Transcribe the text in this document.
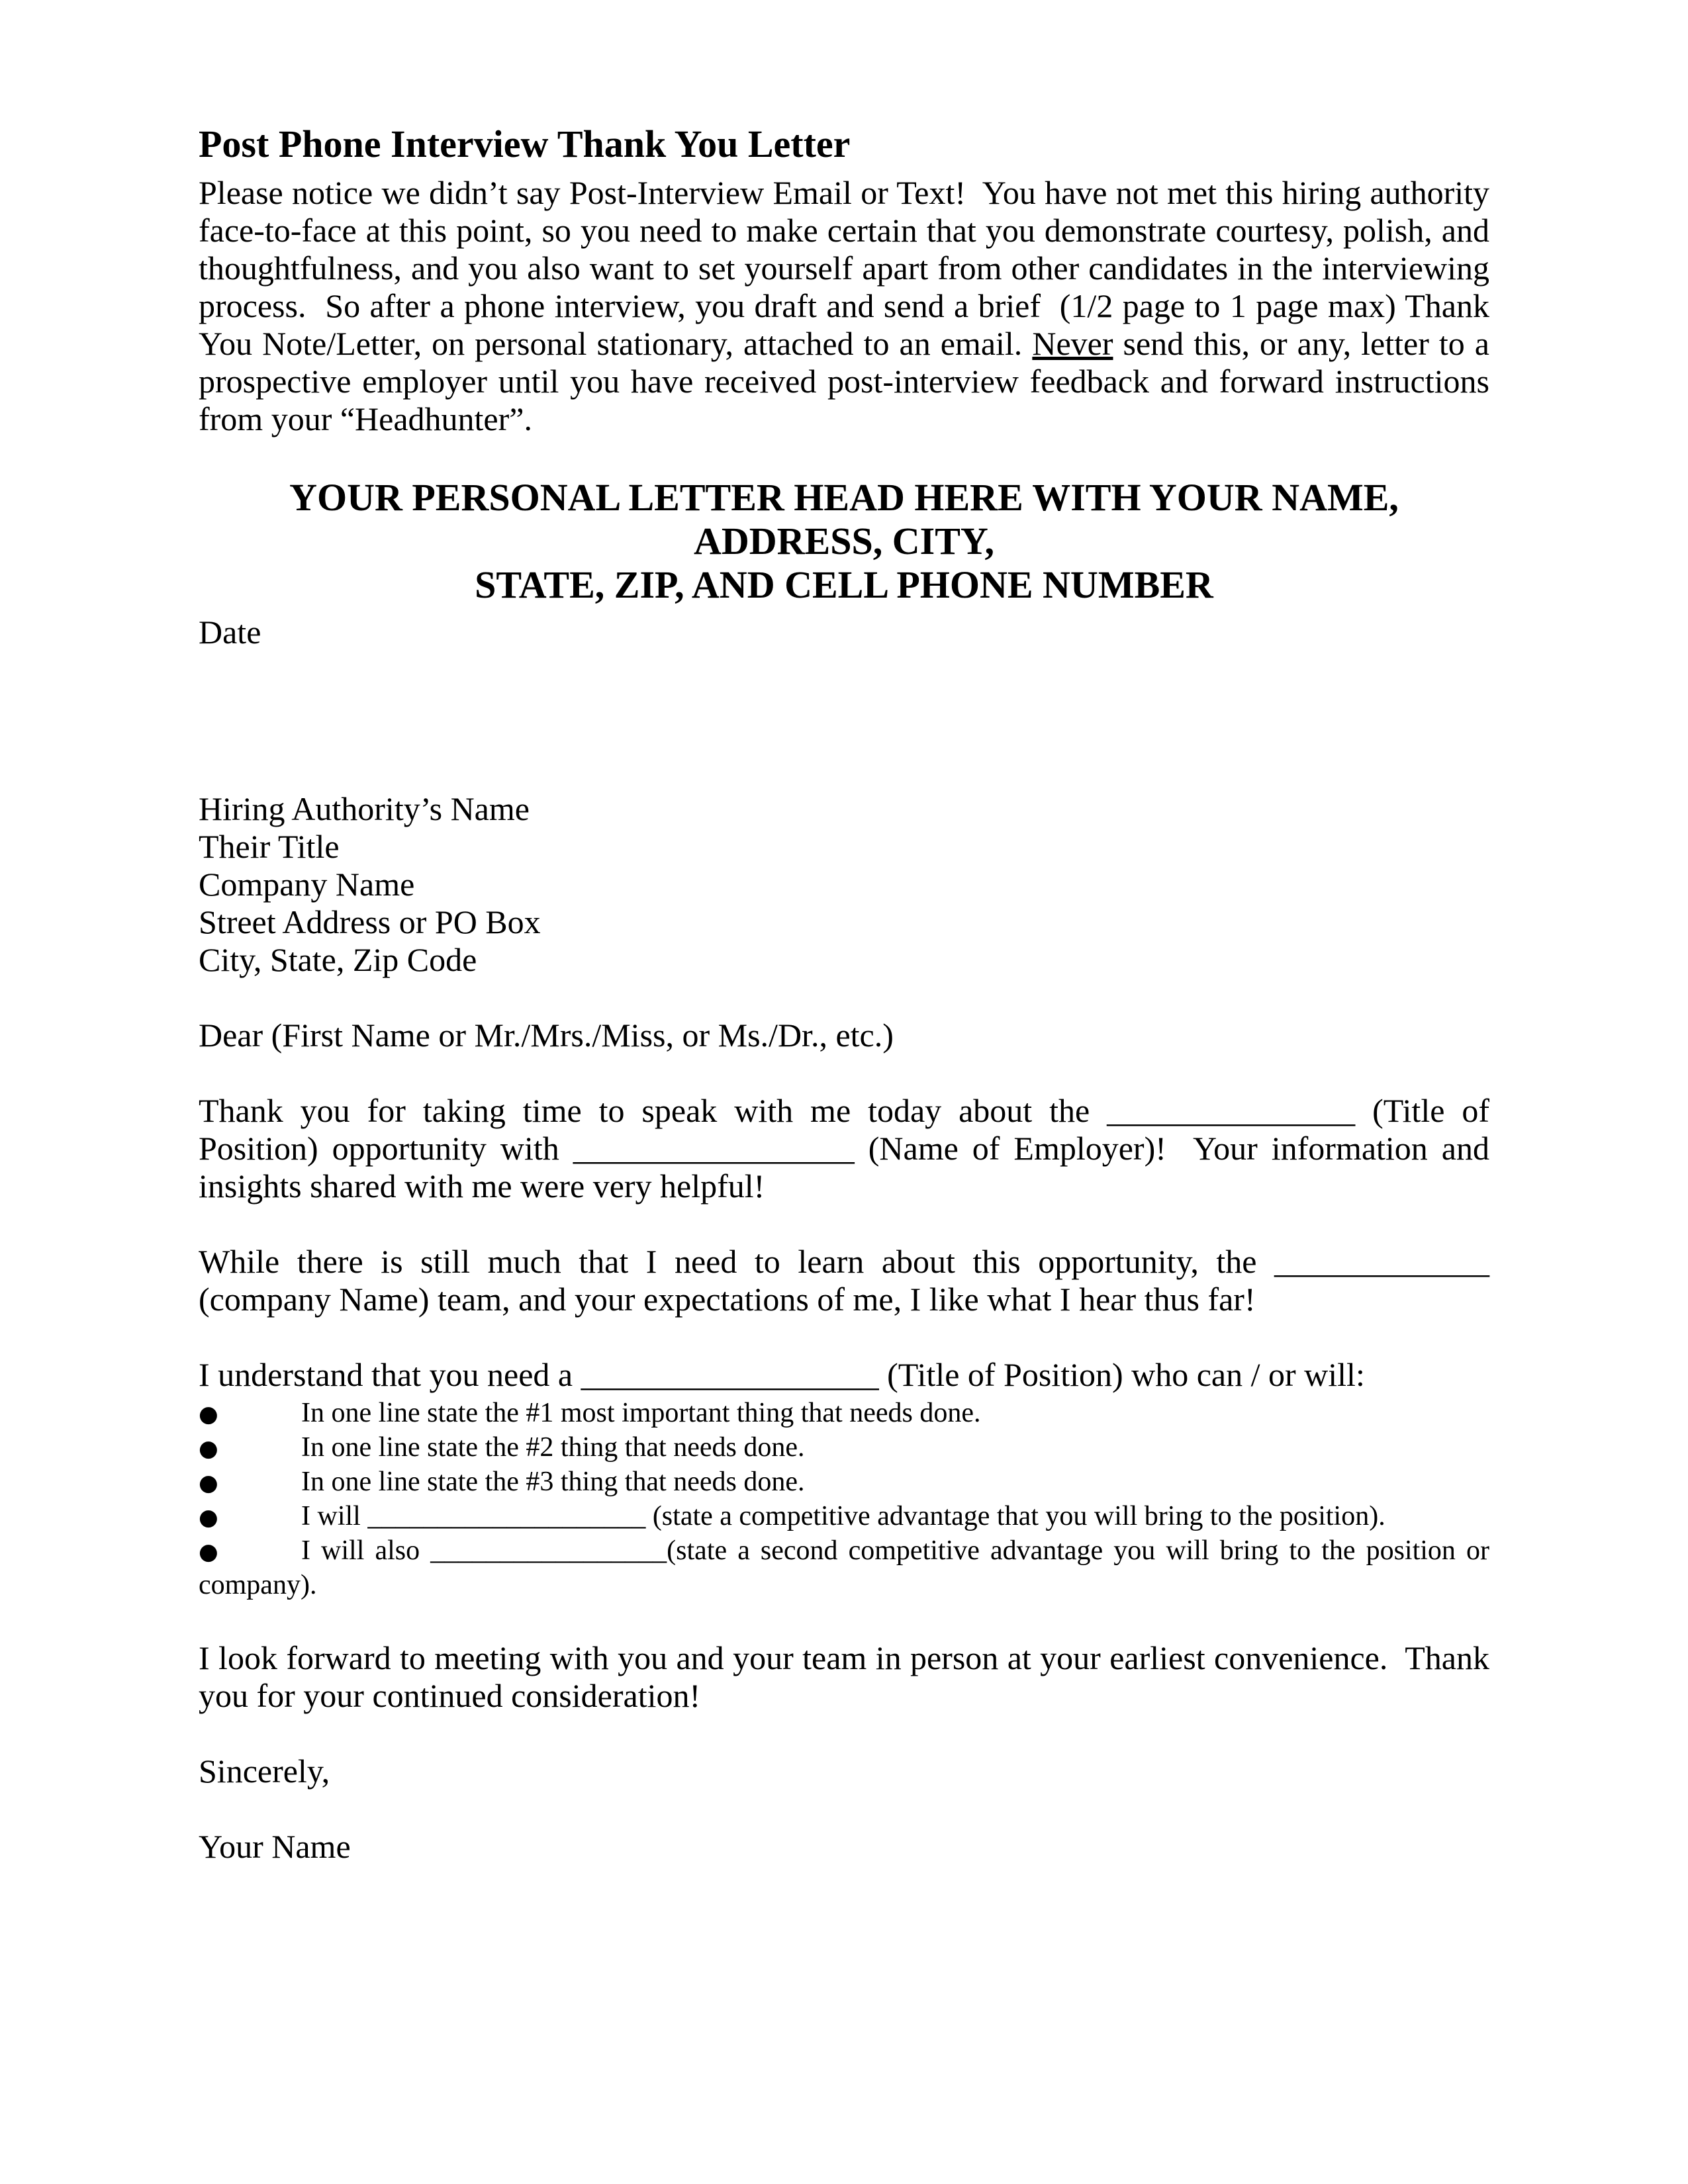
Post Phone Interview Thank You Letter

Please notice we didn’t say Post-Interview Email or Text!  You have not met this hiring authority face-to-face at this point, so you need to make certain that you demonstrate courtesy, polish, and thoughtfulness, and you also want to set yourself apart from other candidates in the interviewing process.  So after a phone interview, you draft and send a brief  (1/2 page to 1 page max) Thank You Note/Letter, on personal stationary, attached to an email. Never send this, or any, letter to a prospective employer until you have received post-interview feedback and forward instructions from your “Headhunter”.

YOUR PERSONAL LETTER HEAD HERE WITH YOUR NAME, ADDRESS, CITY,
STATE, ZIP, AND CELL PHONE NUMBER
Date
Hiring Authority’s Name
Their Title
Company Name
Street Address or PO Box
City, State, Zip Code
Dear (First Name or Mr./Mrs./Miss, or Ms./Dr., etc.)

Thank you for taking time to speak with me today about the _______________ (Title of Position) opportunity with _________________ (Name of Employer)!  Your information and insights shared with me were very helpful!

While there is still much that I need to learn about this opportunity, the _____________ (company Name) team, and your expectations of me, I like what I hear thus far!

I understand that you need a __________________ (Title of Position) who can / or will:

●	In one line state the #1 most important thing that needs done.
●	In one line state the #2 thing that needs done.
●	In one line state the #3 thing that needs done.
●	I will ____________________ (state a competitive advantage that you will bring to the position).
●	I will also _________________(state a second competitive advantage you will bring to the position or company).

I look forward to meeting with you and your team in person at your earliest convenience.  Thank you for your continued consideration!

Sincerely,
Your Name
